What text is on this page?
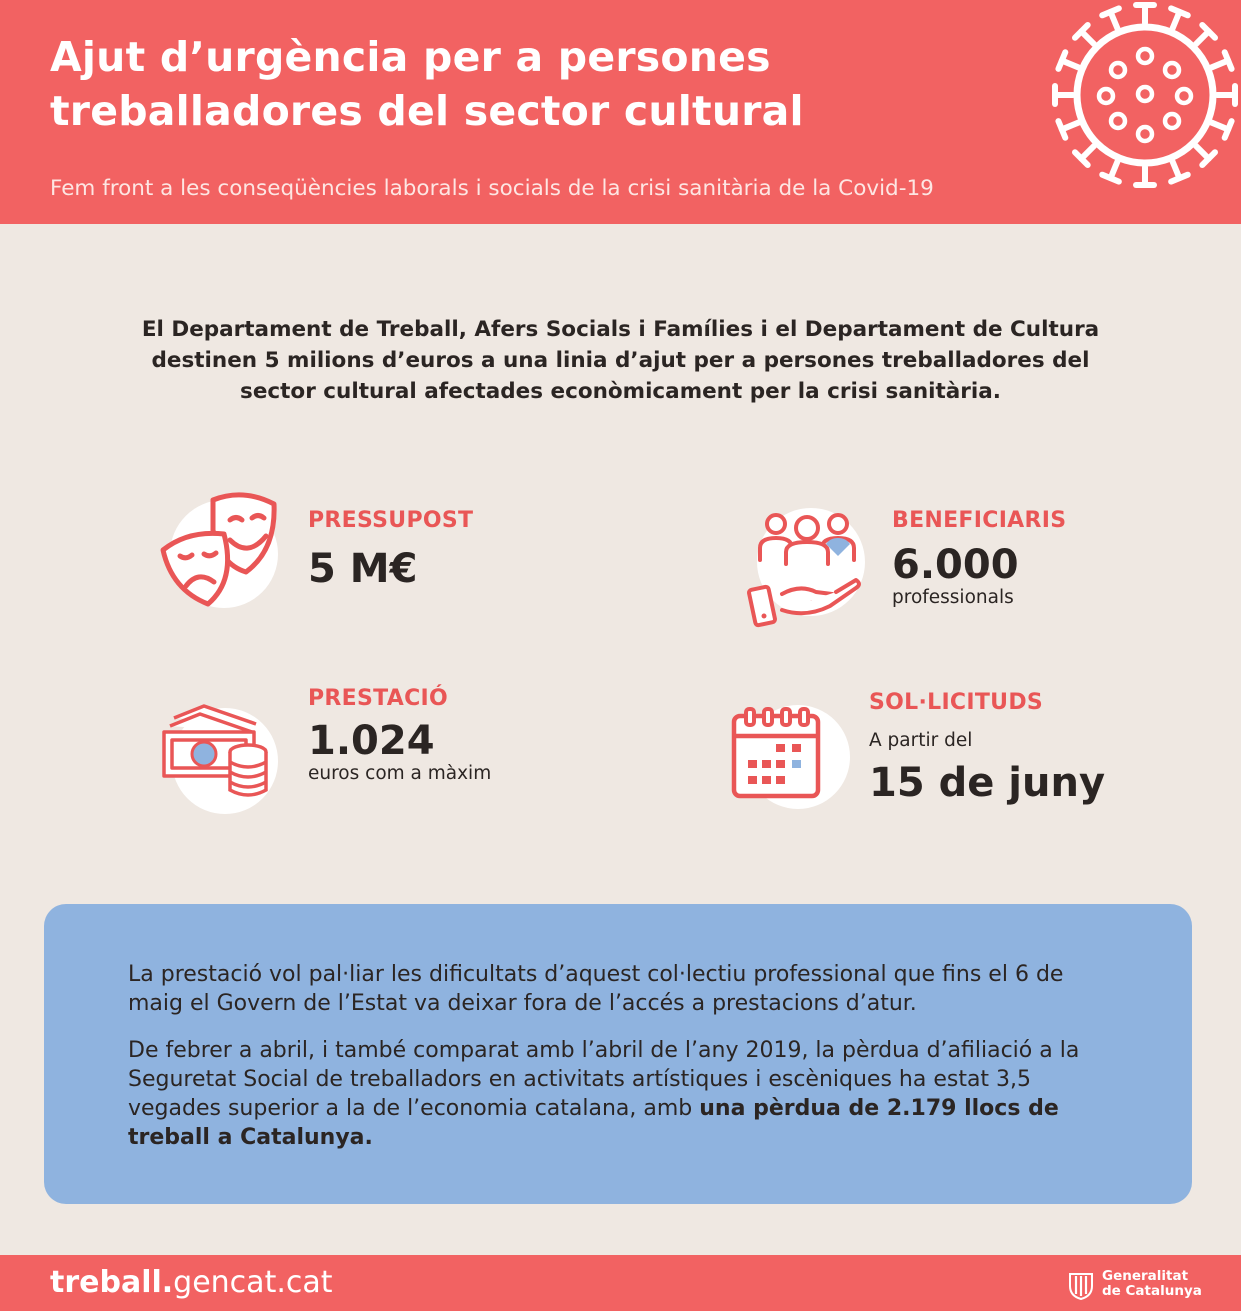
Ajut d’urgència per a persones
treballadores del sector cultural

Fem front a les conseqüències laborals i socials de la crisi sanitària de la Covid-19

El Departament de Treball, Afers Socials i Famílies i el Departament de Cultura
destinen 5 milions d’euros a una linia d’ajut per a persones treballadores del
sector cultural afectades econòmicament per la crisi sanitària.

PRESSUPOST
5 M€
BENEFICIARIS
6.000
professionals
PRESTACIÓ
1.024
euros com a màxim
SOL·LICITUDS
A partir del
15 de juny

La prestació vol pal·liar les dificultats d’aquest col·lectiu professional que fins el 6 de maig el Govern de l’Estat va deixar fora de l’accés a prestacions d’atur.

De febrer a abril, i també comparat amb l’abril de l’any 2019, la pèrdua d’afiliació a la Seguretat Social de treballadors en activitats artístiques i escèniques ha estat 3,5 vegades superior a la de l’economia catalana, amb una pèrdua de 2.179 llocs de treball a Catalunya.

treball.gencat.cat	Generalitat
de Catalunya
